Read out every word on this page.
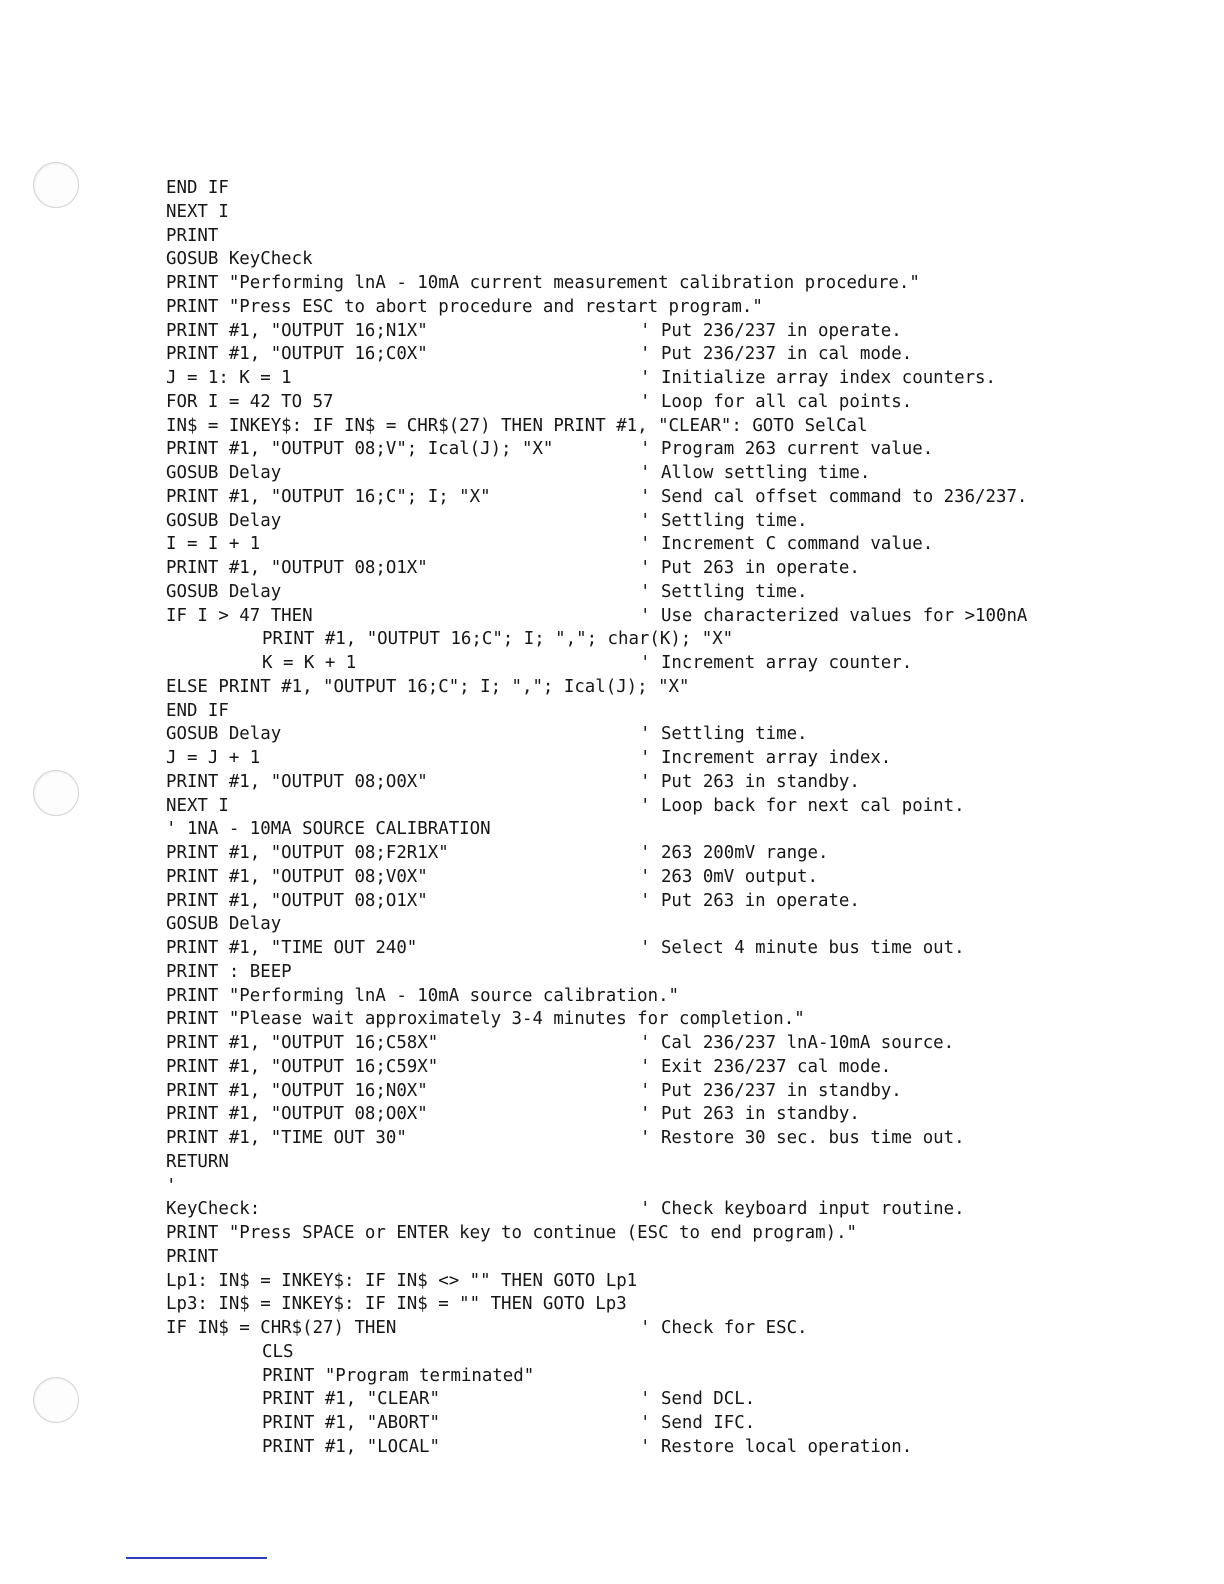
END IF
NEXT I
PRINT
GOSUB KeyCheck
PRINT "Performing lnA - 10mA current measurement calibration procedure."
PRINT "Press ESC to abort procedure and restart program."
PRINT #1, "OUTPUT 16;N1X"	' Put 236/237 in operate.
PRINT #1, "OUTPUT 16;C0X"	' Put 236/237 in cal mode.
J = 1: K = 1	' Initialize array index counters.
FOR I = 42 TO 57	' Loop for all cal points.
IN$ = INKEY$: IF IN$ = CHR$(27) THEN PRINT #1, "CLEAR": GOTO SelCal
PRINT #1, "OUTPUT 08;V"; Ical(J); "X"	' Program 263 current value.
GOSUB Delay	' Allow settling time.
PRINT #1, "OUTPUT 16;C"; I; "X"	' Send cal offset command to 236/237.
GOSUB Delay	' Settling time.
I = I + 1	' Increment C command value.
PRINT #1, "OUTPUT 08;O1X"	' Put 263 in operate.
GOSUB Delay	' Settling time.
IF I > 47 THEN	' Use characterized values for >100nA
PRINT #1, "OUTPUT 16;C"; I; ","; char(K); "X"
K = K + 1	' Increment array counter.
ELSE PRINT #1, "OUTPUT 16;C"; I; ","; Ical(J); "X"
END IF
GOSUB Delay	' Settling time.
J = J + 1	' Increment array index.
PRINT #1, "OUTPUT 08;O0X"	' Put 263 in standby.
NEXT I	' Loop back for next cal point.
' 1NA - 10MA SOURCE CALIBRATION
PRINT #1, "OUTPUT 08;F2R1X"	' 263 200mV range.
PRINT #1, "OUTPUT 08;V0X"	' 263 0mV output.
PRINT #1, "OUTPUT 08;O1X"	' Put 263 in operate.
GOSUB Delay
PRINT #1, "TIME OUT 240"	' Select 4 minute bus time out.
PRINT : BEEP
PRINT "Performing lnA - 10mA source calibration."
PRINT "Please wait approximately 3-4 minutes for completion."
PRINT #1, "OUTPUT 16;C58X"	' Cal 236/237 lnA-10mA source.
PRINT #1, "OUTPUT 16;C59X"	' Exit 236/237 cal mode.
PRINT #1, "OUTPUT 16;N0X"	' Put 236/237 in standby.
PRINT #1, "OUTPUT 08;O0X"	' Put 263 in standby.
PRINT #1, "TIME OUT 30"	' Restore 30 sec. bus time out.
RETURN
'
KeyCheck:	' Check keyboard input routine.
PRINT "Press SPACE or ENTER key to continue (ESC to end program)."
PRINT
Lp1: IN$ = INKEY$: IF IN$ <> "" THEN GOTO Lp1
Lp3: IN$ = INKEY$: IF IN$ = "" THEN GOTO Lp3
IF IN$ = CHR$(27) THEN	' Check for ESC.
CLS
PRINT "Program terminated"
PRINT #1, "CLEAR"	' Send DCL.
PRINT #1, "ABORT"	' Send IFC.
PRINT #1, "LOCAL"	' Restore local operation.
